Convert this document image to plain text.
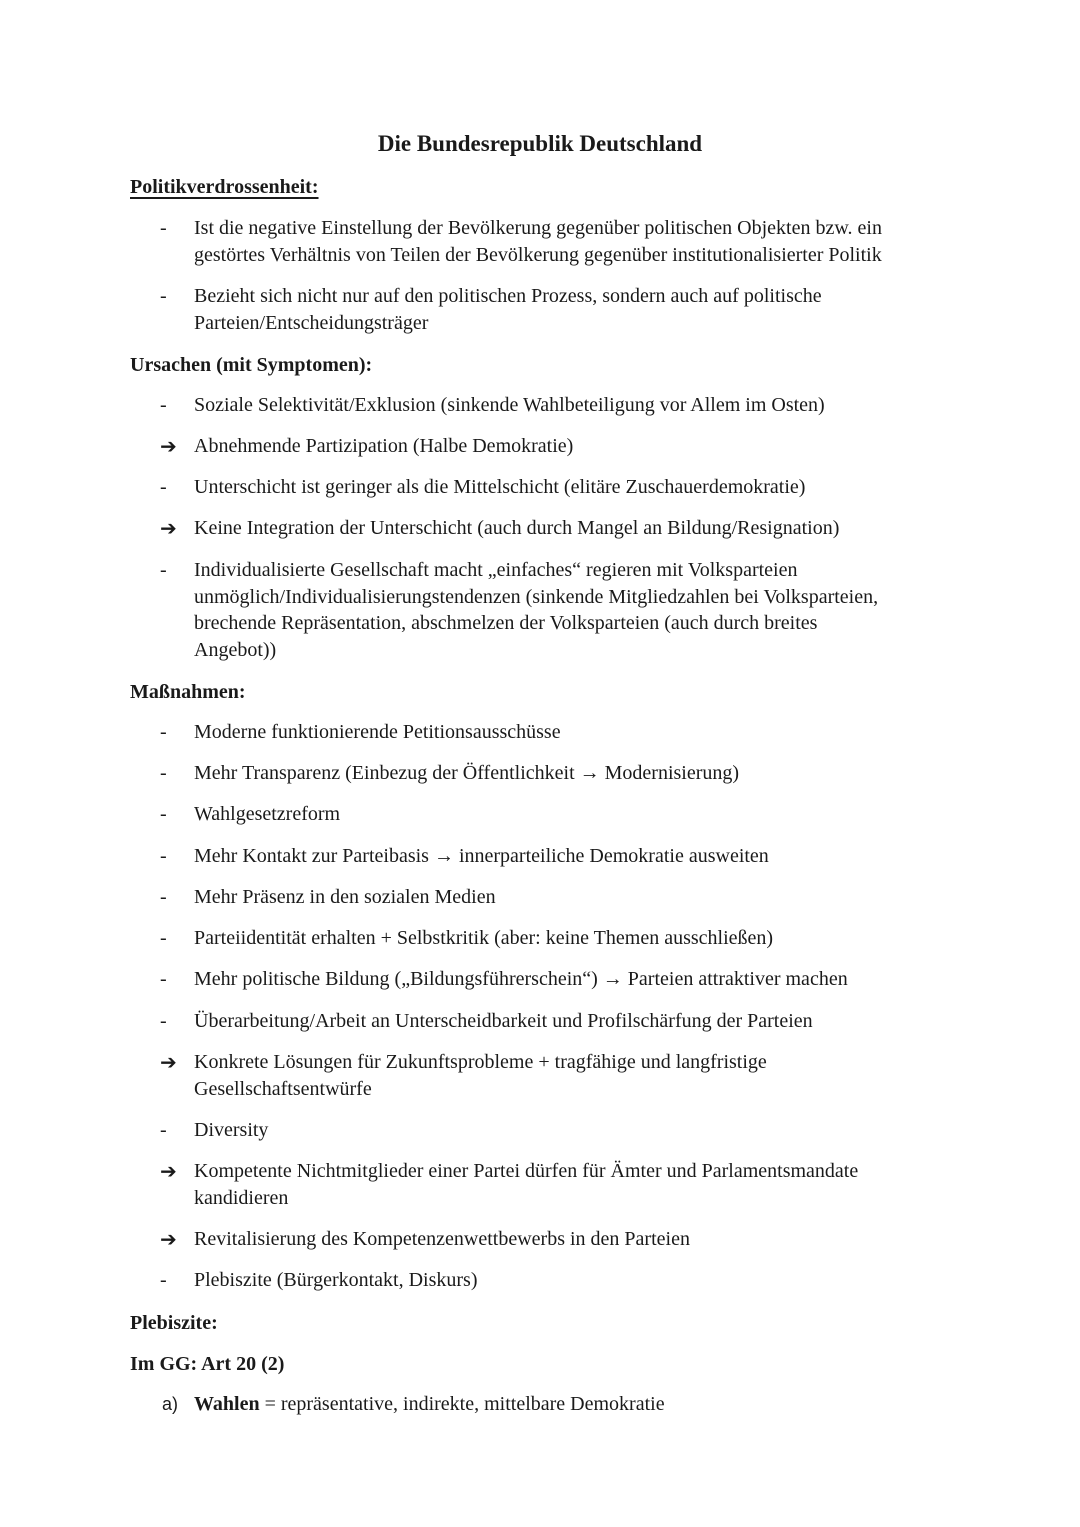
Die Bundesrepublik Deutschland
Politikverdrossenheit:
-	Ist die negative Einstellung der Bevölkerung gegenüber politischen Objekten bzw. ein
gestörtes Verhältnis von Teilen der Bevölkerung gegenüber institutionalisierter Politik
-	Bezieht sich nicht nur auf den politischen Prozess, sondern auch auf politische
Parteien/Entscheidungsträger
Ursachen (mit Symptomen):
-	Soziale Selektivität/Exklusion (sinkende Wahlbeteiligung vor Allem im Osten)
➔ Abnehmende Partizipation (Halbe Demokratie)
-	Unterschicht ist geringer als die Mittelschicht (elitäre Zuschauerdemokratie)
➔ Keine Integration der Unterschicht (auch durch Mangel an Bildung/Resignation)
-	Individualisierte Gesellschaft macht „einfaches“ regieren mit Volksparteien
unmöglich/Individualisierungstendenzen (sinkende Mitgliedzahlen bei Volksparteien,
brechende Repräsentation, abschmelzen der Volksparteien (auch durch breites
Angebot))
Maßnahmen:
-	Moderne funktionierende Petitionsausschüsse
-	Mehr Transparenz (Einbezug der Öffentlichkeit → Modernisierung)
-	Wahlgesetzreform
-	Mehr Kontakt zur Parteibasis → innerparteiliche Demokratie ausweiten
-	Mehr Präsenz in den sozialen Medien
-	Parteiidentität erhalten + Selbstkritik (aber: keine Themen ausschließen)
-	Mehr politische Bildung („Bildungsführerschein“) → Parteien attraktiver machen
-	Überarbeitung/Arbeit an Unterscheidbarkeit und Profilschärfung der Parteien
➔ Konkrete Lösungen für Zukunftsprobleme + tragfähige und langfristige
Gesellschaftsentwürfe
-	Diversity
➔ Kompetente Nichtmitglieder einer Partei dürfen für Ämter und Parlamentsmandate
kandidieren
➔ Revitalisierung des Kompetenzenwettbewerbs in den Parteien
-	Plebiszite (Bürgerkontakt, Diskurs)
Plebiszite:
Im GG: Art 20 (2)
a) Wahlen = repräsentative, indirekte, mittelbare Demokratie
